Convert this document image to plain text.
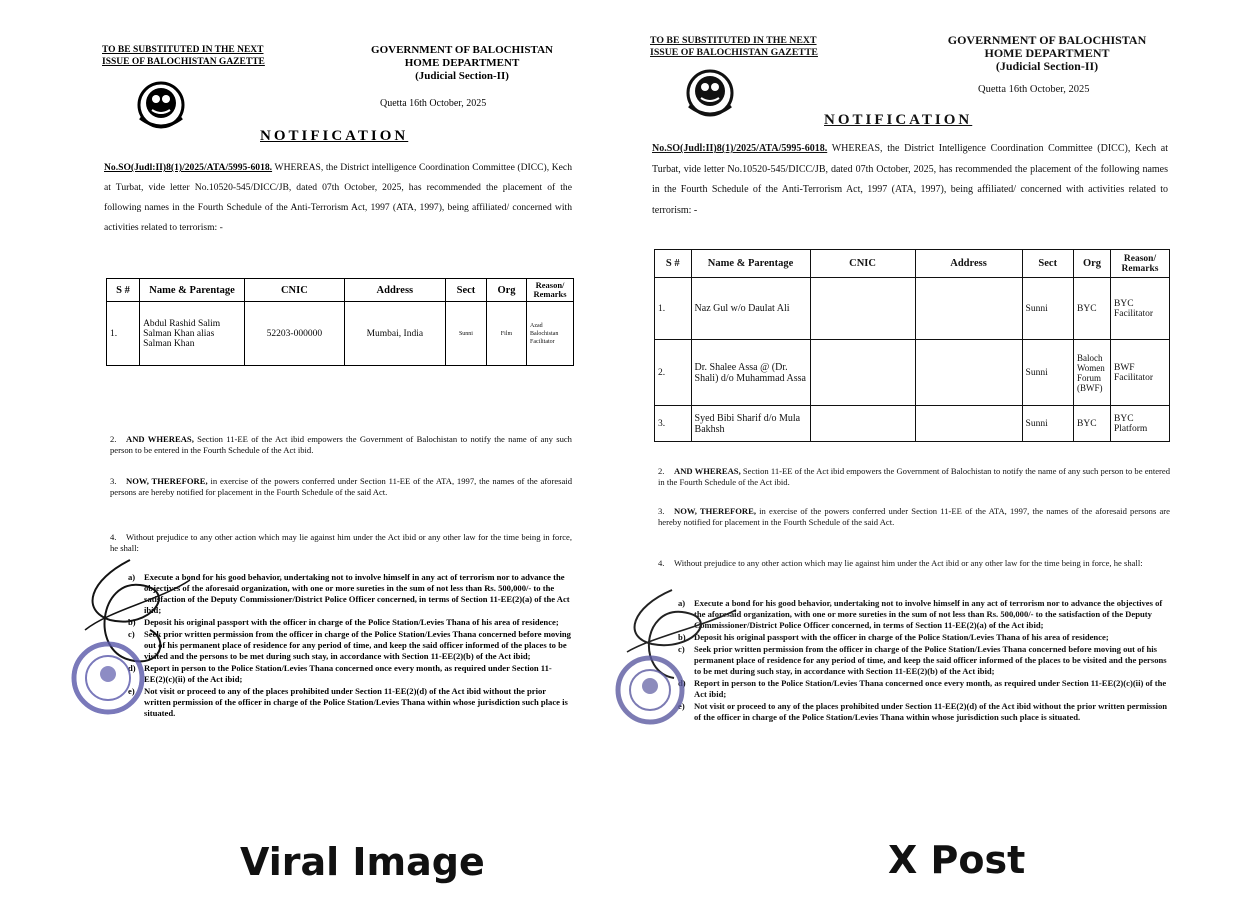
TO BE SUBSTITUTED IN THE NEXT
ISSUE OF BALOCHISTAN GAZETTE
GOVERNMENT OF BALOCHISTAN
HOME DEPARTMENT
(Judicial Section-II)
Quetta 16th October, 2025
NOTIFICATION
No.SO(Judl:II)8(1)/2025/ATA/5995-6018. WHEREAS, the District intelligence Coordination Committee (DICC), Kech at Turbat, vide letter No.10520-545/DICC/JB, dated 07th October, 2025, has recommended the placement of the following names in the Fourth Schedule of the Anti-Terrorism Act, 1997 (ATA, 1997), being affiliated/ concerned with activities related to terrorism: -
S #	Name & Parentage	CNIC	Address	Sect	Org	Reason/ Remarks
1.	Abdul Rashid Salim Salman Khan alias Salman Khan	52203-000000	Mumbai, India	Sunni	Film	Azad Balochistan Facilitator
2. AND WHEREAS, Section 11-EE of the Act ibid empowers the Government of Balochistan to notify the name of any such person to be entered in the Fourth Schedule of the Act ibid.
3. NOW, THEREFORE, in exercise of the powers conferred under Section 11-EE of the ATA, 1997, the names of the aforesaid persons are hereby notified for placement in the Fourth Schedule of the said Act.
4. Without prejudice to any other action which may lie against him under the Act ibid or any other law for the time being in force, he shall:
a)	Execute a bond for his good behavior, undertaking not to involve himself in any act of terrorism nor to advance the objectives of the aforesaid organization, with one or more sureties in the sum of not less than Rs. 500,000/- to the satisfaction of the Deputy Commissioner/District Police Officer concerned, in terms of Section 11-EE(2)(a) of the Act ibid;
b) Deposit his original passport with the officer in charge of the Police Station/Levies Thana of his area of residence;
c)	Seek prior written permission from the officer in charge of the Police Station/Levies Thana concerned before moving out of his permanent place of residence for any period of time, and keep the said officer informed of the places to be visited and the persons to be met during such stay, in accordance with Section 11-EE(2)(b) of the Act ibid;
d) Report in person to the Police Station/Levies Thana concerned once every month, as required under Section 11-EE(2)(c)(ii) of the Act ibid;
e)	Not visit or proceed to any of the places prohibited under Section 11-EE(2)(d) of the Act ibid without the prior written permission of the officer in charge of the Police Station/Levies Thana within whose jurisdiction such place is situated.
TO BE SUBSTITUTED IN THE NEXT
ISSUE OF BALOCHISTAN GAZETTE
GOVERNMENT OF BALOCHISTAN
HOME DEPARTMENT
(Judicial Section-II)
Quetta 16th October, 2025
NOTIFICATION
No.SO(Judl:II)8(1)/2025/ATA/5995-6018. WHEREAS, the District Intelligence Coordination Committee (DICC), Kech at Turbat, vide letter No.10520-545/DICC/JB, dated 07th October, 2025, has recommended the placement of the following names in the Fourth Schedule of the Anti-Terrorism Act, 1997 (ATA, 1997), being affiliated/ concerned with activities related to terrorism: -
S #	Name & Parentage	CNIC	Address	Sect	Org	Reason/ Remarks
1.	Naz Gul w/o Daulat Ali			Sunni	BYC	BYC Facilitator
2.	Dr. Shalee Assa @ (Dr. Shali) d/o Muhammad Assa			Sunni	Baloch Women Forum (BWF)	BWF Facilitator
3.	Syed Bibi Sharif d/o Mula Bakhsh			Sunni	BYC	BYC Platform
2. AND WHEREAS, Section 11-EE of the Act ibid empowers the Government of Balochistan to notify the name of any such person to be entered in the Fourth Schedule of the Act ibid.
3. NOW, THEREFORE, in exercise of the powers conferred under Section 11-EE of the ATA, 1997, the names of the aforesaid persons are hereby notified for placement in the Fourth Schedule of the said Act.
4. Without prejudice to any other action which may lie against him under the Act ibid or any other law for the time being in force, he shall:
a)	Execute a bond for his good behavior, undertaking not to involve himself in any act of terrorism nor to advance the objectives of the aforesaid organization, with one or more sureties in the sum of not less than Rs. 500,000/- to the satisfaction of the Deputy Commissioner/District Police Officer concerned, in terms of Section 11-EE(2)(a) of the Act ibid;
b) Deposit his original passport with the officer in charge of the Police Station/Levies Thana of his area of residence;
c)	Seek prior written permission from the officer in charge of the Police Station/Levies Thana concerned before moving out of his permanent place of residence for any period of time, and keep the said officer informed of the places to be visited and the persons to be met during such stay, in accordance with Section 11-EE(2)(b) of the Act ibid;
d) Report in person to the Police Station/Levies Thana concerned once every month, as required under Section 11-EE(2)(c)(ii) of the Act ibid;
e)	Not visit or proceed to any of the places prohibited under Section 11-EE(2)(d) of the Act ibid without the prior written permission of the officer in charge of the Police Station/Levies Thana within whose jurisdiction such place is situated.
Viral Image	X Post
